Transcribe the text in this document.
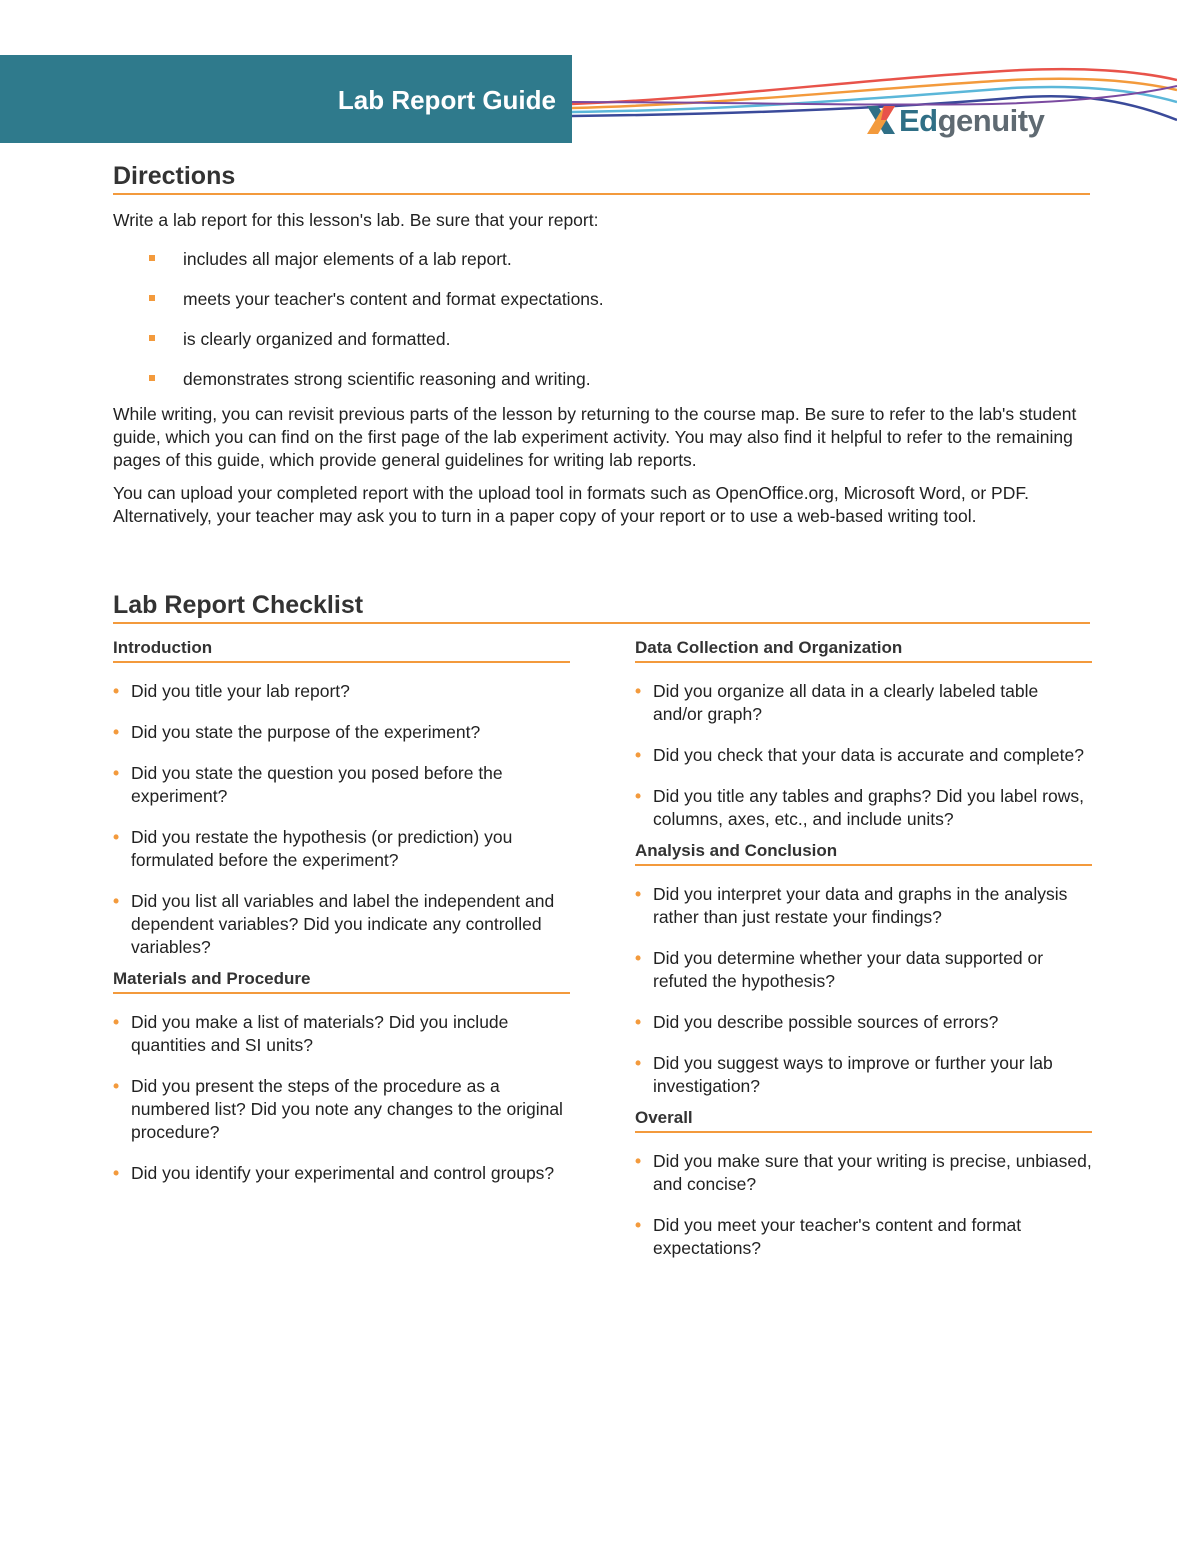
Lab Report Guide
Edgenuity
Directions

Write a lab report for this lesson's lab. Be sure that your report:

includes all major elements of a lab report.
meets your teacher's content and format expectations.
is clearly organized and formatted.
demonstrates strong scientific reasoning and writing.

While writing, you can revisit previous parts of the lesson by returning to the course map. Be sure to refer to the lab's student guide, which you can find on the first page of the lab experiment activity. You may also find it helpful to refer to the remaining pages of this guide, which provide general guidelines for writing lab reports.

You can upload your completed report with the upload tool in formats such as OpenOffice.org, Microsoft Word, or PDF. Alternatively, your teacher may ask you to turn in a paper copy of your report or to use a web-based writing tool.

Lab Report Checklist
Introduction
• Did you title your lab report?
• Did you state the purpose of the experiment?
• Did you state the question you posed before the experiment?
• Did you restate the hypothesis (or prediction) you formulated before the experiment?
• Did you list all variables and label the independent and dependent variables? Did you indicate any controlled variables?
Materials and Procedure
• Did you make a list of materials? Did you include quantities and SI units?
• Did you present the steps of the procedure as a numbered list? Did you note any changes to the original procedure?
• Did you identify your experimental and control groups?
Data Collection and Organization
• Did you organize all data in a clearly labeled table and/or graph?
• Did you check that your data is accurate and complete?
• Did you title any tables and graphs? Did you label rows, columns, axes, etc., and include units?
Analysis and Conclusion
• Did you interpret your data and graphs in the analysis rather than just restate your findings?
• Did you determine whether your data supported or refuted the hypothesis?
• Did you describe possible sources of errors?
• Did you suggest ways to improve or further your lab investigation?
Overall
• Did you make sure that your writing is precise, unbiased, and concise?
• Did you meet your teacher's content and format expectations?
